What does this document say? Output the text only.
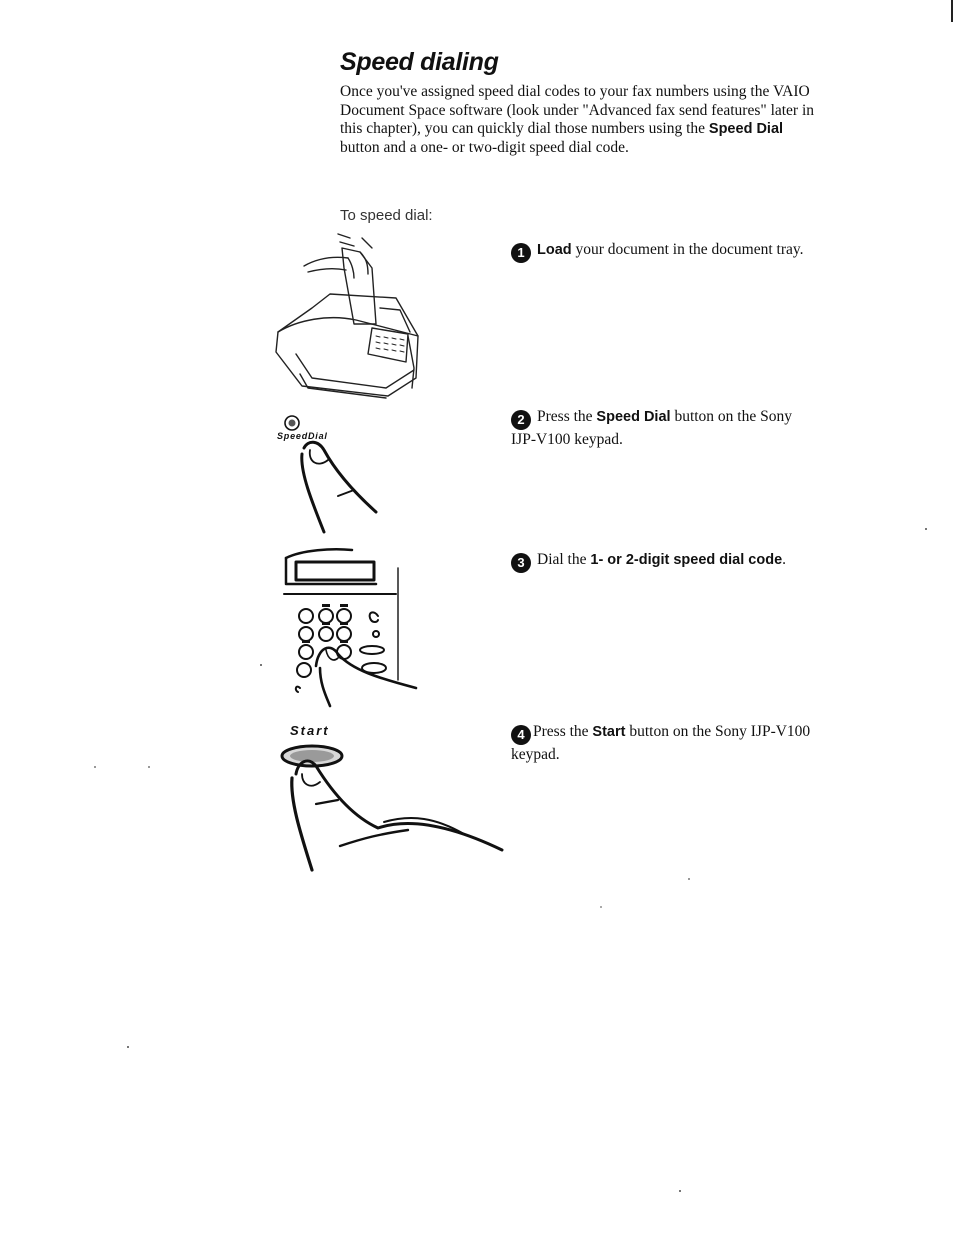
Speed dialing

Once you've assigned speed dial codes to your fax numbers using the VAIO Document Space software (look under "Advanced fax send features" later in this chapter), you can quickly dial those numbers using the Speed Dial button and a one- or two-digit speed dial code.

To speed dial:
1 Load your document in the document tray.
2 Press the Speed Dial button on the Sony IJP-V100 keypad.
3 Dial the 1- or 2-digit speed dial code.
4 Press the Start button on the Sony IJP-V100 keypad.
SpeedDial
Start
